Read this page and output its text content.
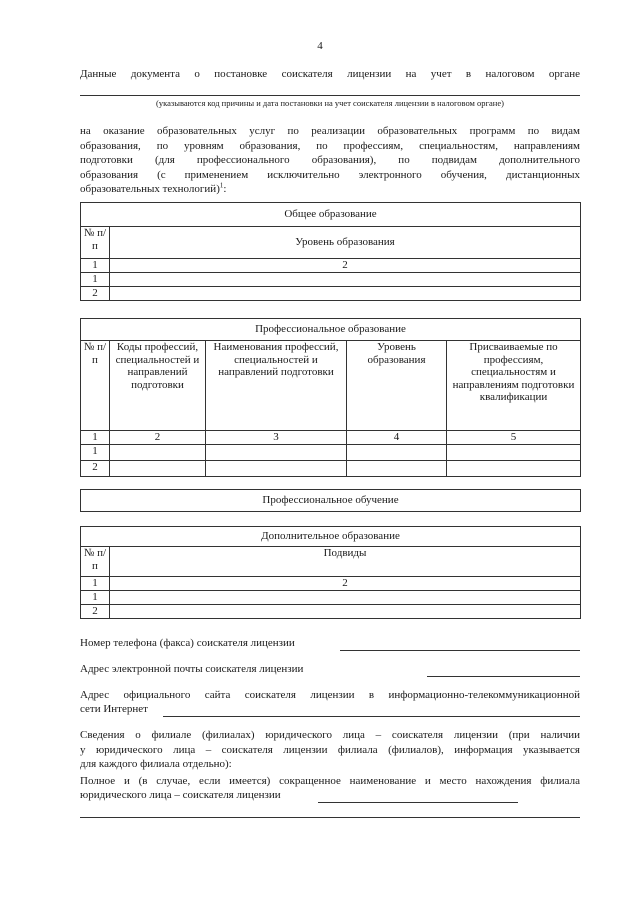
4
Данные документа о постановке соискателя лицензии на учет в налоговом органе
(указываются код причины и дата постановки на учет соискателя лицензии в налоговом органе)
на оказание образовательных услуг по реализации образовательных программ по видам
образования, по уровням образования, по профессиям, специальностям, направлениям
подготовки (для профессионального образования), по подвидам дополнительного
образования (с применением исключительно электронного обучения, дистанционных
образовательных технологий)$^1$:
Общее образование	
№ п/п	Уровень образования
1	2
1	
2	
Профессиональное образование				
№ п/п	Коды профессий, специальностей и направлений подготовки	Наименования профессий, специальностей и направлений подготовки	Уровень образования	Присваиваемые по профессиям, специальностям и направлениям подготовки квалификации
1	2	3	4	5
1				
2				
Профессиональное обучение
Дополнительное образование	
№ п/п	Подвиды
1	2
1	
2	
Номер телефона (факса) соискателя лицензии
Адрес электронной почты соискателя лицензии
Адрес официального сайта соискателя лицензии в информационно-телекоммуникационной
сети Интернет
Сведения о филиале (филиалах) юридического лица – соискателя лицензии (при наличии
у юридического лица – соискателя лицензии филиала (филиалов), информация указывается
для каждого филиала отдельно):
Полное и (в случае, если имеется) сокращенное наименование и место нахождения филиала
юридического лица – соискателя лицензии
